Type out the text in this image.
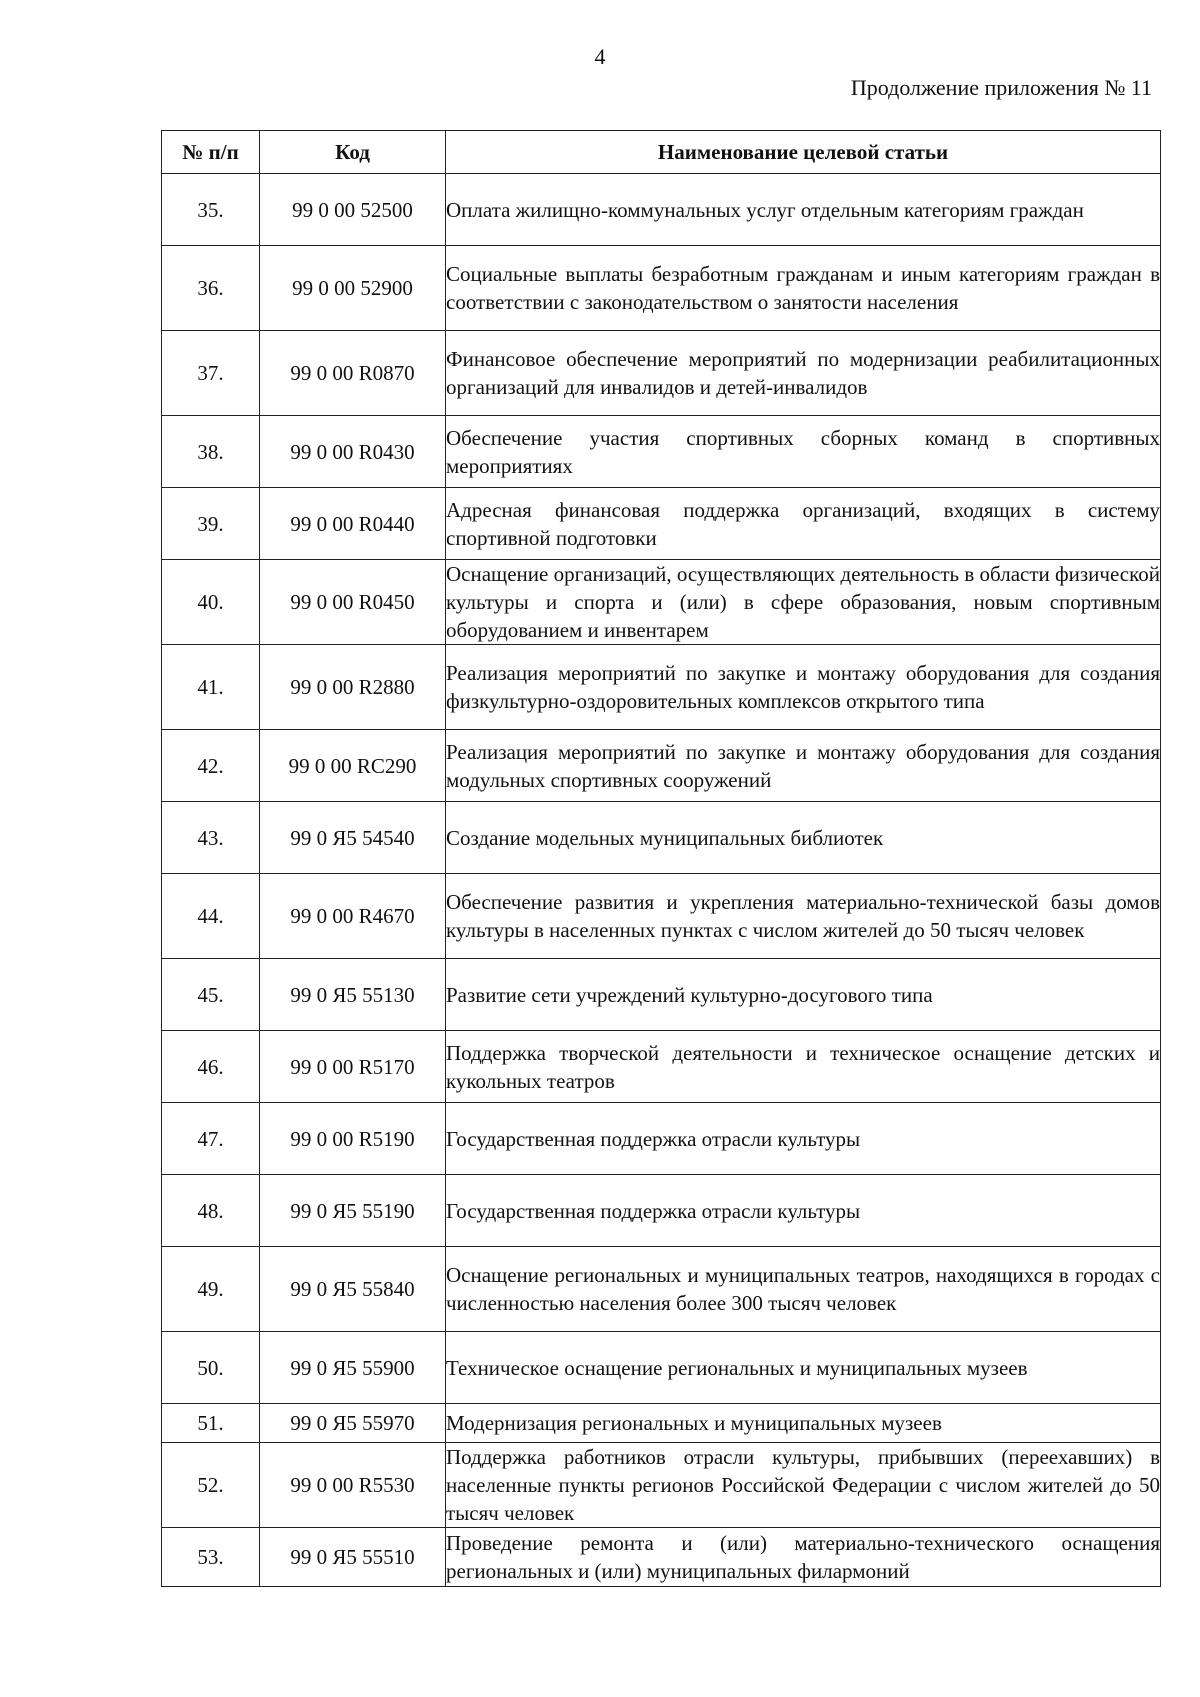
4
Продолжение приложения № 11
№ п/п	Код	Наименование целевой статьи
35.	99 0 00 52500	Оплата жилищно-коммунальных услуг отдельным категориям граждан
36.	99 0 00 52900	Социальные выплаты безработным гражданам и иным категориям граждан в соответствии с законодательством о занятости населения
37.	99 0 00 R0870	Финансовое обеспечение мероприятий по модернизации реабилитационных организаций для инвалидов и детей-инвалидов
38.	99 0 00 R0430	Обеспечение участия спортивных сборных команд в спортивных мероприятиях
39.	99 0 00 R0440	Адресная финансовая поддержка организаций, входящих в систему спортивной подготовки
40.	99 0 00 R0450	Оснащение организаций, осуществляющих деятельность в области физической культуры и спорта и (или) в сфере образования, новым спортивным оборудованием и инвентарем
41.	99 0 00 R2880	Реализация мероприятий по закупке и монтажу оборудования для создания физкультурно-оздоровительных комплексов открытого типа
42.	99 0 00 RC290	Реализация мероприятий по закупке и монтажу оборудования для создания модульных спортивных сооружений
43.	99 0 Я5 54540	Создание модельных муниципальных библиотек
44.	99 0 00 R4670	Обеспечение развития и укрепления материально-технической базы домов культуры в населенных пунктах с числом жителей до 50 тысяч человек
45.	99 0 Я5 55130	Развитие сети учреждений культурно-досугового типа
46.	99 0 00 R5170	Поддержка творческой деятельности и техническое оснащение детских и кукольных театров
47.	99 0 00 R5190	Государственная поддержка отрасли культуры
48.	99 0 Я5 55190	Государственная поддержка отрасли культуры
49.	99 0 Я5 55840	Оснащение региональных и муниципальных театров, находящихся в городах с численностью населения более 300 тысяч человек
50.	99 0 Я5 55900	Техническое оснащение региональных и муниципальных музеев
51.	99 0 Я5 55970	Модернизация региональных и муниципальных музеев
52.	99 0 00 R5530	Поддержка работников отрасли культуры, прибывших (переехавших) в населенные пункты регионов Российской Федерации с числом жителей до 50 тысяч человек
53.	99 0 Я5 55510	Проведение ремонта и (или) материально-технического оснащения региональных и (или) муниципальных филармоний
